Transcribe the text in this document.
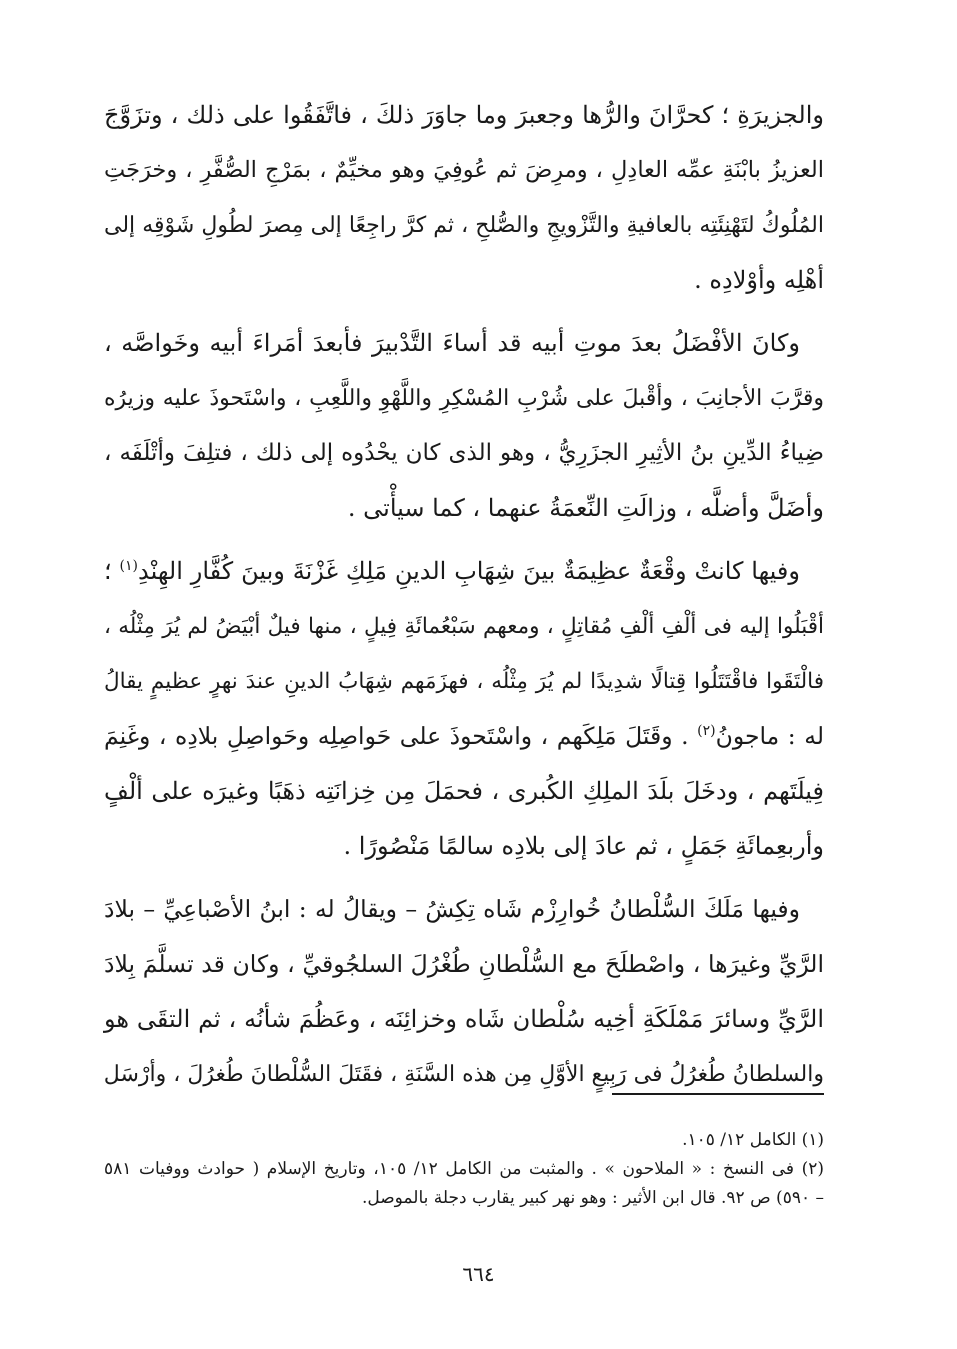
والجزيرَةِ ؛ كحرَّانَ والرُّها وجعبرَ وما جاوَرَ ذلكَ ، فاتَّفَقُوا على ذلك ، وتزَوَّجَ
العزيزُ بابْنَةِ عمِّه العادِلِ ، ومرِضَ ثم عُوفِيَ وهو مخيِّمٌ ، بمَرْجِ الصُّفَّرِ ، وخرَجَتِ
المُلُوكُ لتَهْنِئَتِه بالعافيةِ والتَّزْويجِ والصُّلحِ ، ثم كرَّ راجِعًا إلى مِصرَ لطُولِ شَوْقِه إلى
أهْلِه وأوْلادِه .

وكانَ الأفْضَلُ بعدَ موتِ أبيه قد أساءَ التَّدْبيرَ فأبعدَ أمَراءَ أبيه وخَواصَّه ،
وقرَّبَ الأجانِبَ ، وأقْبلَ على شُرْبِ المُسْكِرِ واللَّهْوِ واللَّعِبِ ، واسْتَحوذَ عليه وزيرُه
ضِياءُ الدِّينِ بنُ الأثِيرِ الجزَرِيُّ ، وهو الذى كان يحْدُوه إلى ذلك ، فتلِفَ وأتْلَفَه ،
وأضَلَّ وأضلَّه ، وزالَتِ النِّعمَةُ عنهما ، كما سيأْتى .

وفيها كانتْ وقْعَةٌ عظِيمَةٌ بينَ شِهَابِ الدينِ مَلِكِ غَزْنَةَ وبينَ كُفَّارِ الهِنْدِ$^{(١)}$ ؛
أقْبَلُوا إليه فى ألْفِ ألْفِ مُقاتِلٍ ، ومعهم سَبْعُمائَةِ فِيلٍ ، منها فيلٌ أبْيَضُ لم يُرَ مِثْلُه ،
فالْتَقَوا فاقْتَتَلُوا قِتالًا شدِيدًا لم يُرَ مِثْلُه ، فهزَمَهم شِهَابُ الدينِ عندَ نهرٍ عظيمٍ يقالُ
له : ماجونُ$^{(٢)}$ . وقَتَلَ مَلِكَهم ، واسْتَحوذَ على حَواصِلِه وحَواصِلِ بلادِه ، وغَنِمَ
فِيلَتَهم ، ودخَلَ بلَدَ الملِكِ الكُبرى ، فحمَلَ مِن خِزانَتِه ذهَبًا وغيرَه على ألْفٍ
وأربعِمائَةِ جَمَلٍ ، ثم عادَ إلى بلادِه سالمًا مَنْصُورًا .

وفيها مَلَكَ السُّلْطانُ خُوارِزْم شَاه تِكِشُ – ويقالُ له : ابنُ الأصْباعِيِّ – بلادَ
الرَّيِّ وغيرَها ، واصْطلَحَ مع السُّلْطانِ طُغْرُلَ السلجُوقيِّ ، وكان قد تسلَّمَ بِلادَ
الرَّيِّ وسائرَ مَمْلَكَةِ أخِيه سُلْطان شَاه وخزائِنَه ، وعَظُمَ شأنُه ، ثم التقَى هو
والسلطانُ طُغرُلُ فى رَبِيعٍ الأوَّلِ مِن هذه السَّنَةِ ، فقَتَلَ السُّلْطانَ طُغرُلَ ، وأرْسَل

(١) الكامل ١٢/ ١٠٥.

(٢) فى النسخ : « الملاحون » . والمثبت من الكامل ١٢/ ١٠٥، وتاريخ الإسلام ( حوادث ووفيات ٥٨١
– ٥٩٠) ص ٩٢. قال ابن الأثير : وهو نهر كبير يقارب دجلة بالموصل.

٦٦٤
